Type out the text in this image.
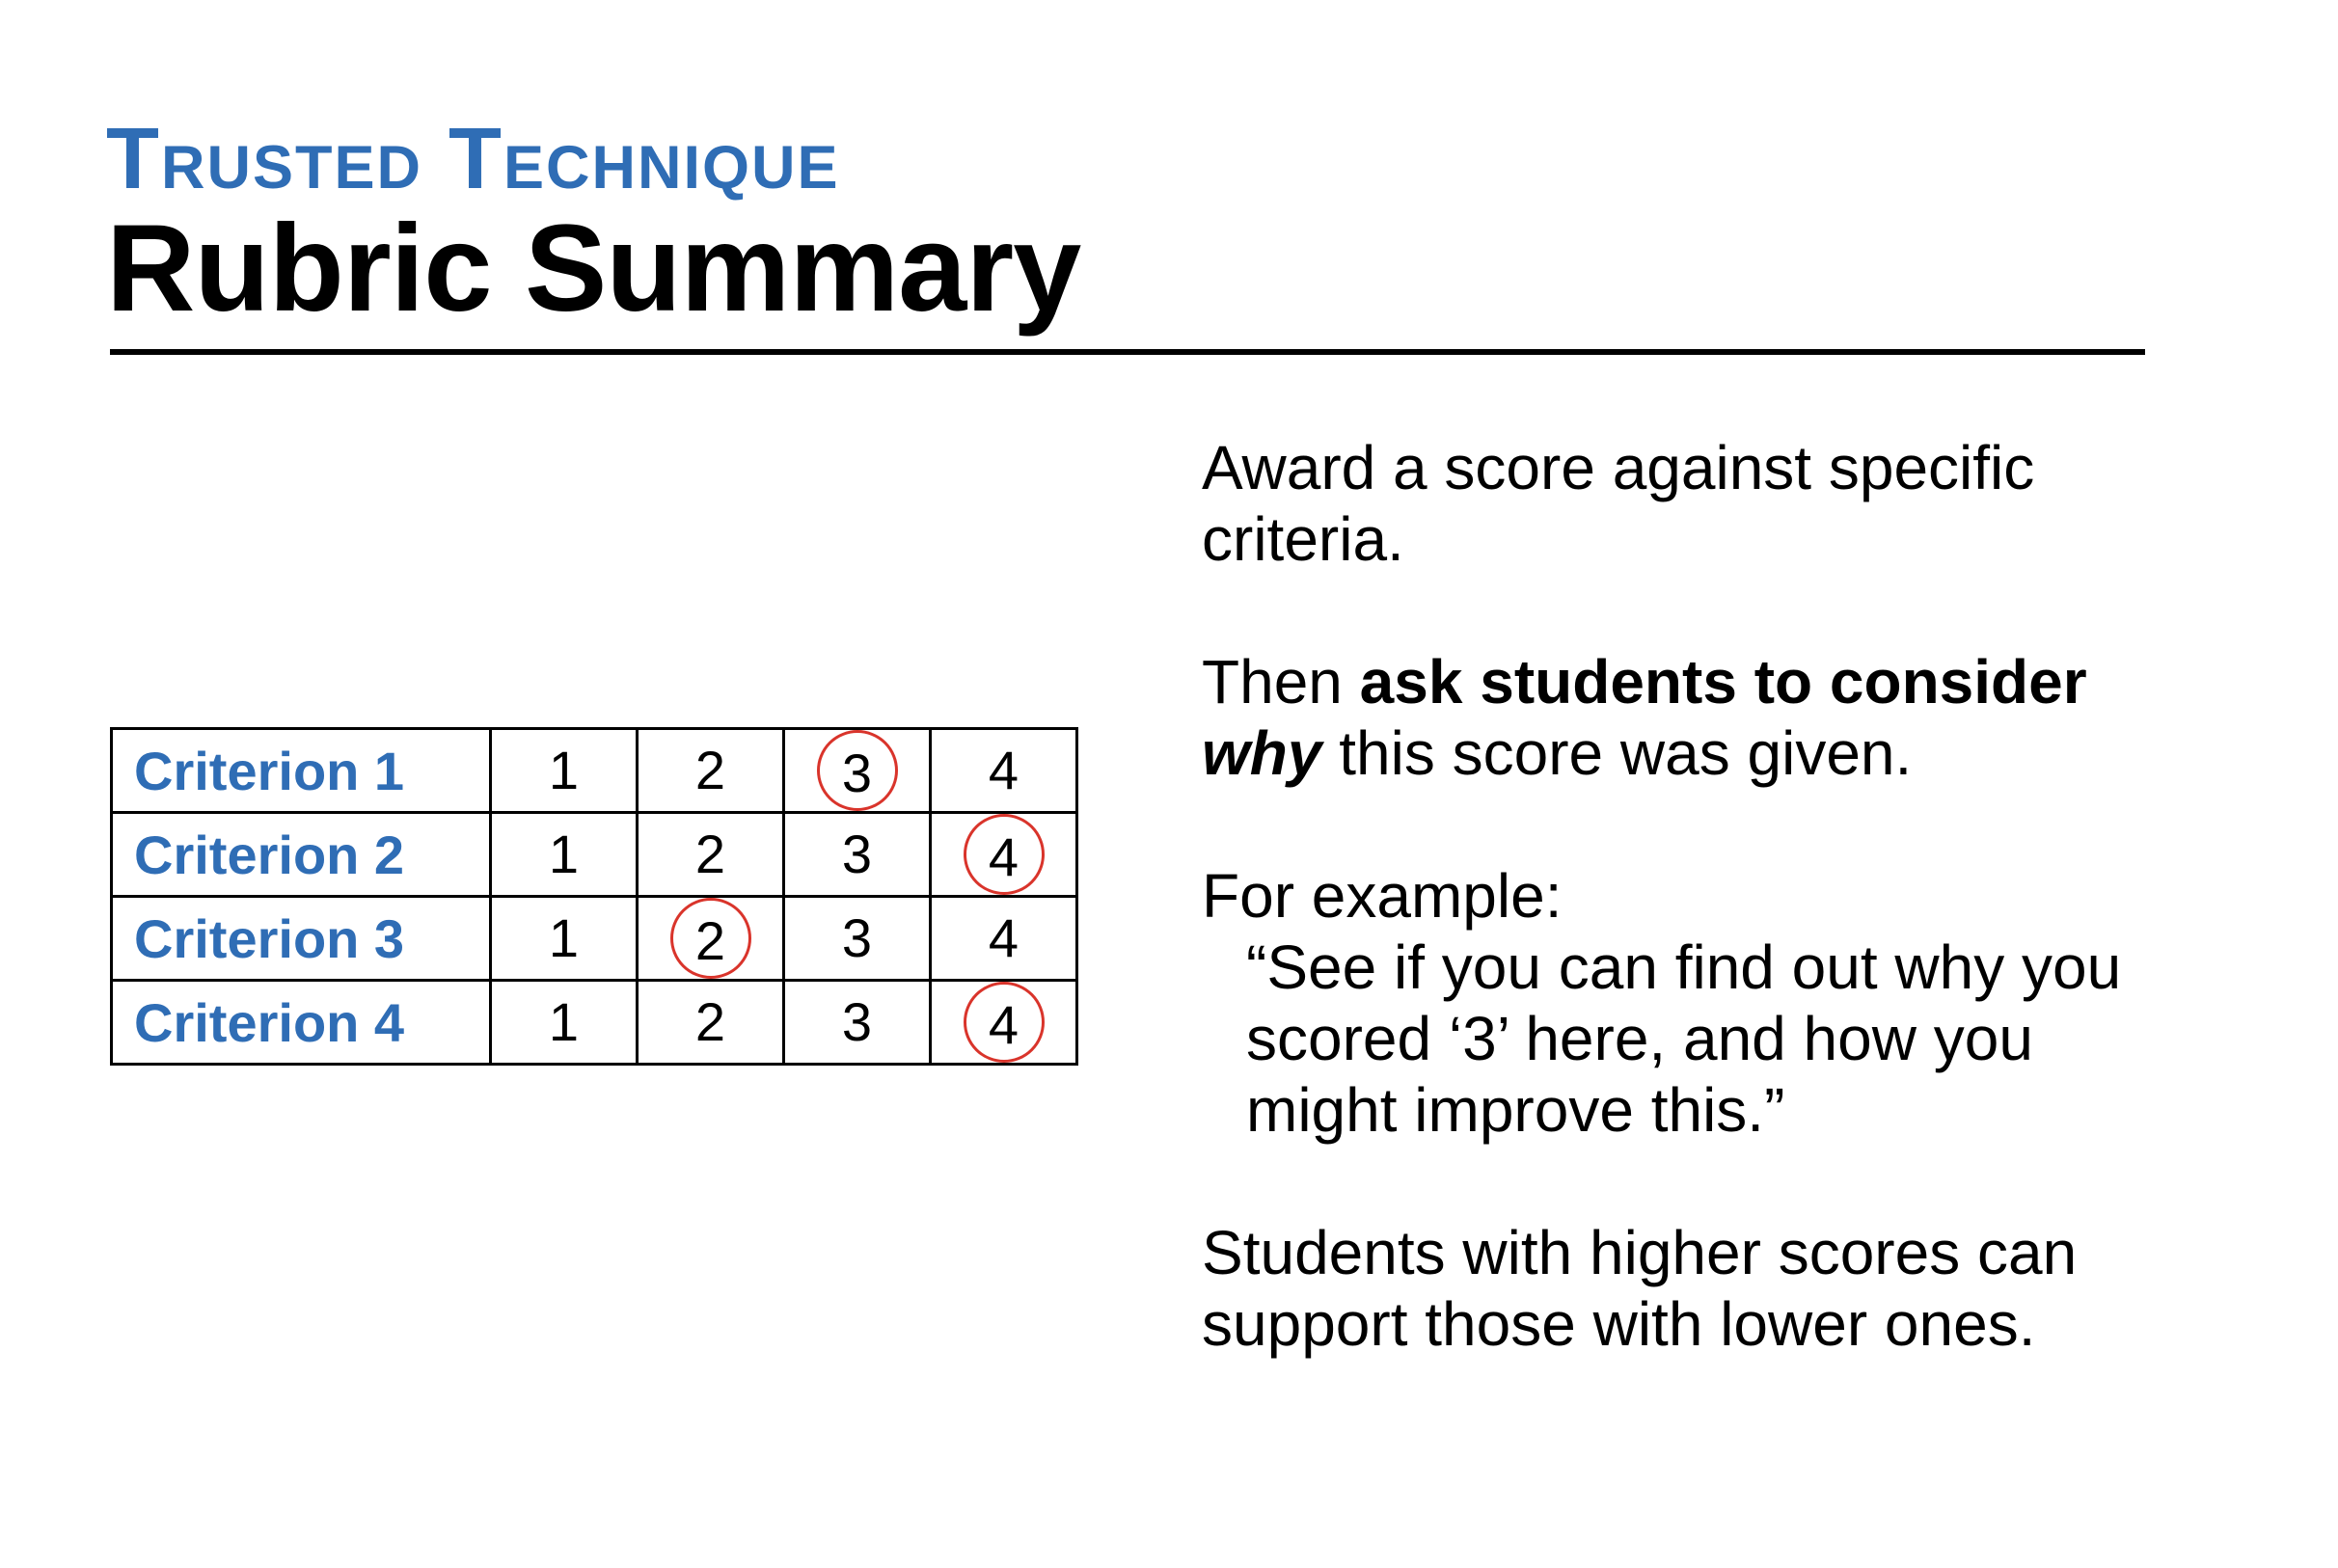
Trusted Technique
Rubric Summary
Criterion 1	1	2	3	4
Criterion 2	1	2	3	4
Criterion 3	1	2	3	4
Criterion 4	1	2	3	4

Award a score against specific criteria.

Then ask students to consider why this score was given.

For example:
“See if you can find out why you scored ‘3’ here, and how you might improve this.”

Students with higher scores can support those with lower ones.
